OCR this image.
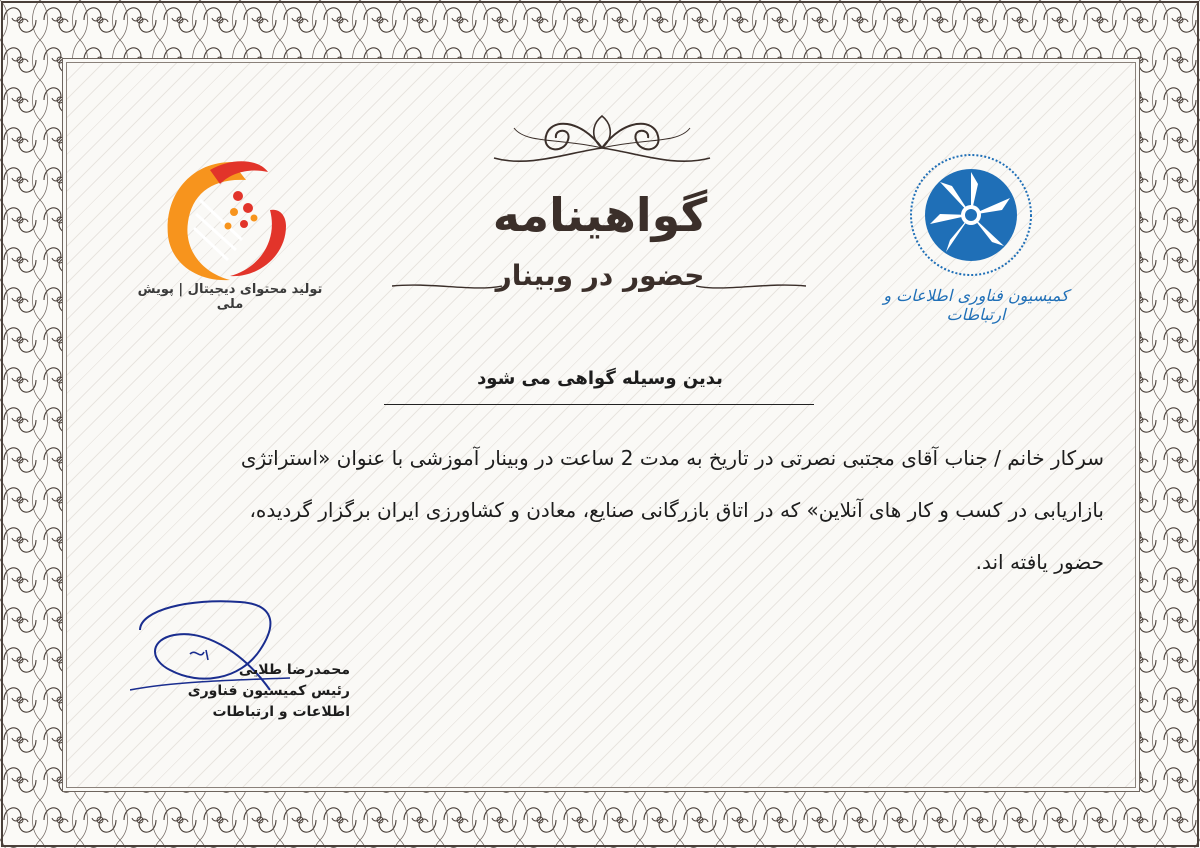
گواهینامه
حضور در وبینار
تولید محتوای دیجیتال | پویش ملی	کمیسیون فناوری اطلاعات و ارتباطات
بدین وسیله گواهی می شود
سرکار خانم / جناب آقای مجتبی نصرتی در تاریخ به مدت 2 ساعت در وبینار آموزشی با عنوان «استراتژی
بازاریابی در کسب و کار های آنلاین» که در اتاق بازرگانی صنایع، معادن و کشاورزی ایران برگزار گردیده،
حضور یافته اند.
محمدرضا طلایی
رئیس کمیسیون فناوری
اطلاعات و ارتباطات
